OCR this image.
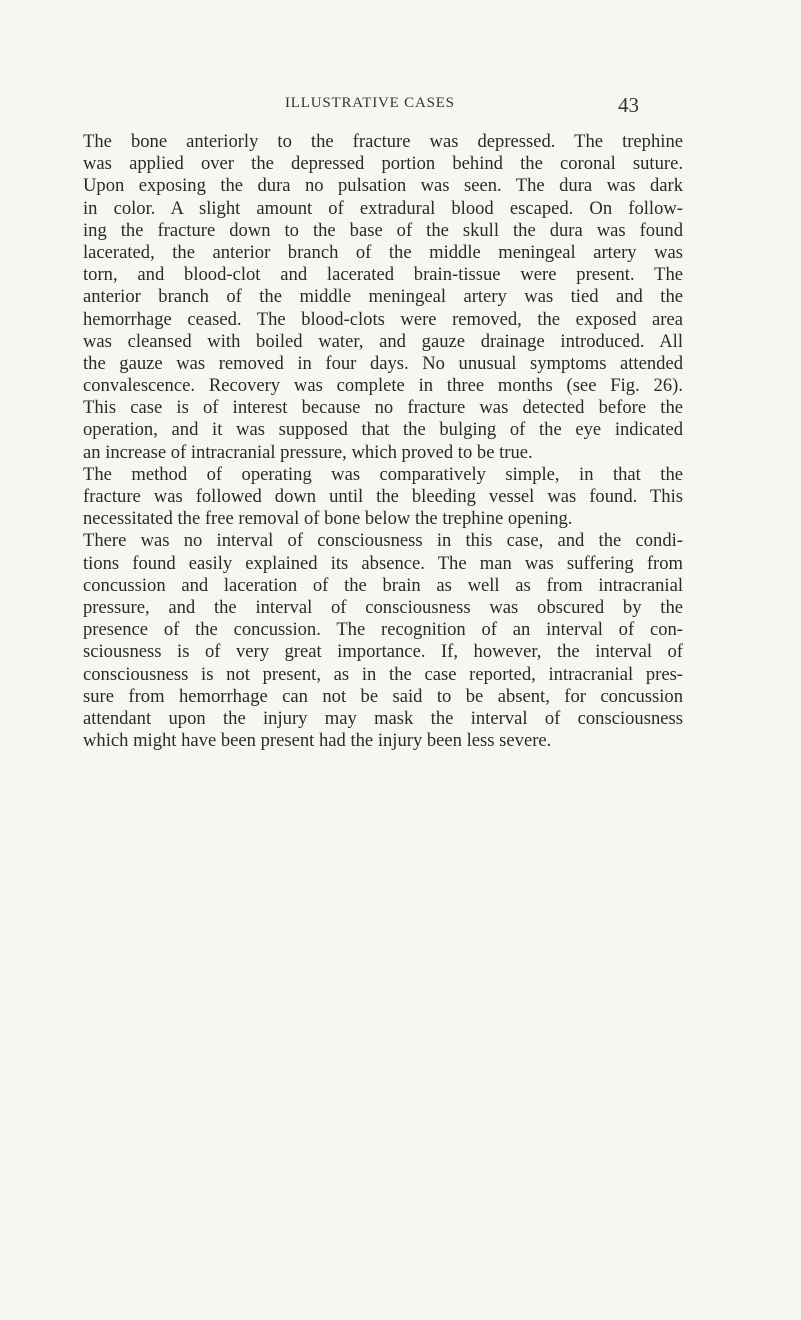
ILLUSTRATIVE CASES	43
The bone anteriorly to the fracture was depressed. The trephine
was applied over the depressed portion behind the coronal suture.
Upon exposing the dura no pulsation was seen. The dura was dark
in color. A slight amount of extradural blood escaped. On follow-
ing the fracture down to the base of the skull the dura was found
lacerated, the anterior branch of the middle meningeal artery was
torn, and blood-clot and lacerated brain-tissue were present. The
anterior branch of the middle meningeal artery was tied and the
hemorrhage ceased. The blood-clots were removed, the exposed area
was cleansed with boiled water, and gauze drainage introduced. All
the gauze was removed in four days. No unusual symptoms attended
convalescence. Recovery was complete in three months (see Fig. 26).
This case is of interest because no fracture was detected before the
operation, and it was supposed that the bulging of the eye indicated
an increase of intracranial pressure, which proved to be true.
The method of operating was comparatively simple, in that the
fracture was followed down until the bleeding vessel was found. This
necessitated the free removal of bone below the trephine opening.
There was no interval of consciousness in this case, and the condi-
tions found easily explained its absence. The man was suffering from
concussion and laceration of the brain as well as from intracranial
pressure, and the interval of consciousness was obscured by the
presence of the concussion. The recognition of an interval of con-
sciousness is of very great importance. If, however, the interval of
consciousness is not present, as in the case reported, intracranial pres-
sure from hemorrhage can not be said to be absent, for concussion
attendant upon the injury may mask the interval of consciousness
which might have been present had the injury been less severe.
